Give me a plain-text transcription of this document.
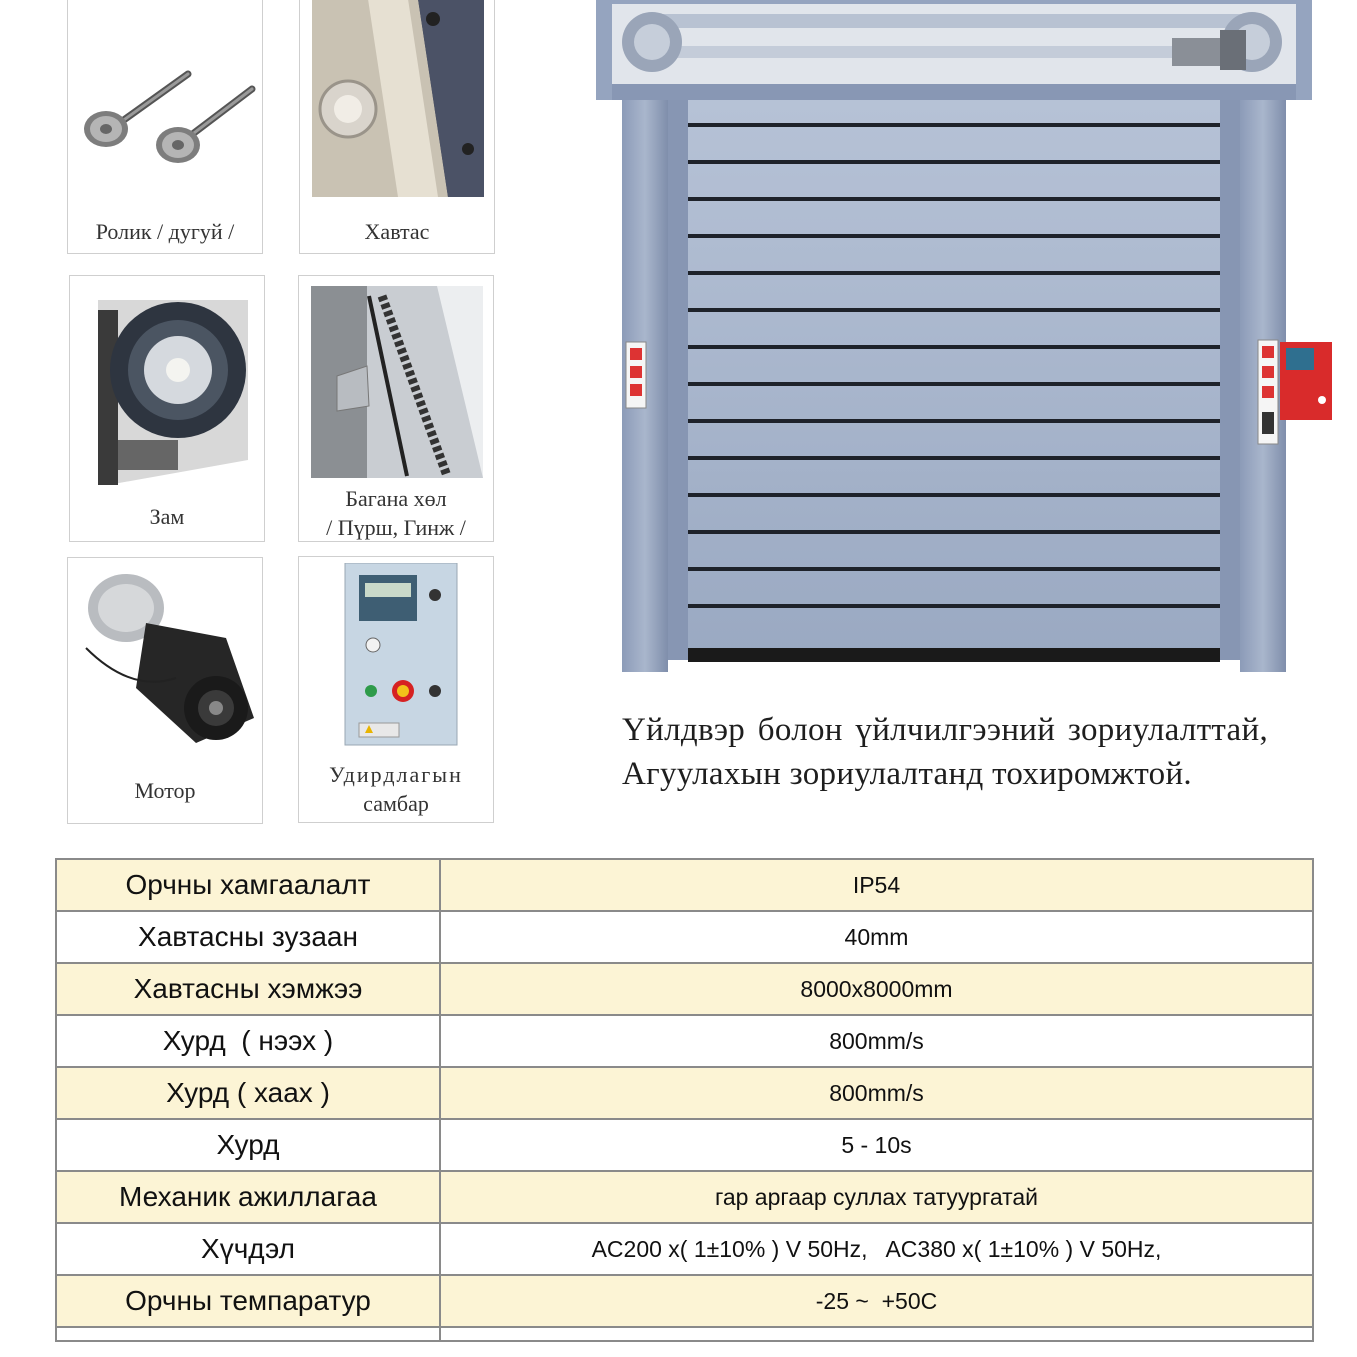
Ролик / дугуй /	Хавтас
Зам
Багана хөл
/ Пүрш, Гинж /
Мотор
Удирдлагын
самбар
Үйлдвэр болон үйлчилгээний зориулалттай, Агуулахын зориулалтанд тохиромжтой.
Орчны хамгаалалт	IP54
Хавтасны зузаан	40mm
Хавтасны хэмжээ	8000x8000mm
Хурд  ( нээх )	800mm/s
Хурд ( хаах )	800mm/s
Хурд	5 - 10s
Механик ажиллагаа	гар аргаар суллах татуургатай
Хүчдэл	AC200 x( 1±10% ) V 50Hz,   AC380 x( 1±10% ) V 50Hz,
Орчны темпаратур	-25 ~  +50C
